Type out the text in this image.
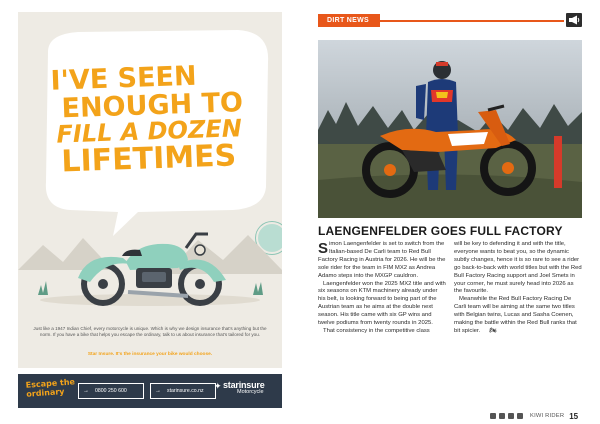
I'VE SEEN
ENOUGH TO
FILL A DOZEN
LIFETIMES

Just like a 1947 Indian Chief, every motorcycle is unique. Which is why we design insurance that's anything but the norm. If you have a bike that helps you escape the ordinary, talk to us about insurance that's tailored for you.

Star Insure. It's the insurance your bike would choose.

Escape the
ordinary	→ 0800 250 600	→ starinsure.co.nz ✦ starinsure
Motorcycle
DIRT NEWS
LAENGENFELDER GOES FULL FACTORY
Simon Laengenfelder is set to switch from the Italian-based De Carli team to Red Bull Factory Racing in Austria for 2026. He will be the sole rider for the team in FIM MX2 as Andrea Adamo steps into the MXGP cauldron.
Laengenfelder won the 2025 MX2 title and with six seasons on KTM machinery already under his belt, is looking forward to being part of the Austrian team as he aims at the double next season. His title came with six GP wins and twelve podiums from twenty rounds in 2025.
That consistency in the competitive class
will be key to defending it and with the title, everyone wants to beat you, so the dynamic subtly changes, hence it is so rare to see a rider go back-to-back with world titles but with the Red Bull Factory Racing support and Joel Smets in your corner, he must surely head into 2026 as the favourite.
Meanwhile the Red Bull Factory Racing De Carli team will be aiming at the same two titles with Belgian twins, Lucas and Sasha Coenen, making the battle within the Red Bull ranks that bit spicier. 🏍
KIWI RIDER 15
